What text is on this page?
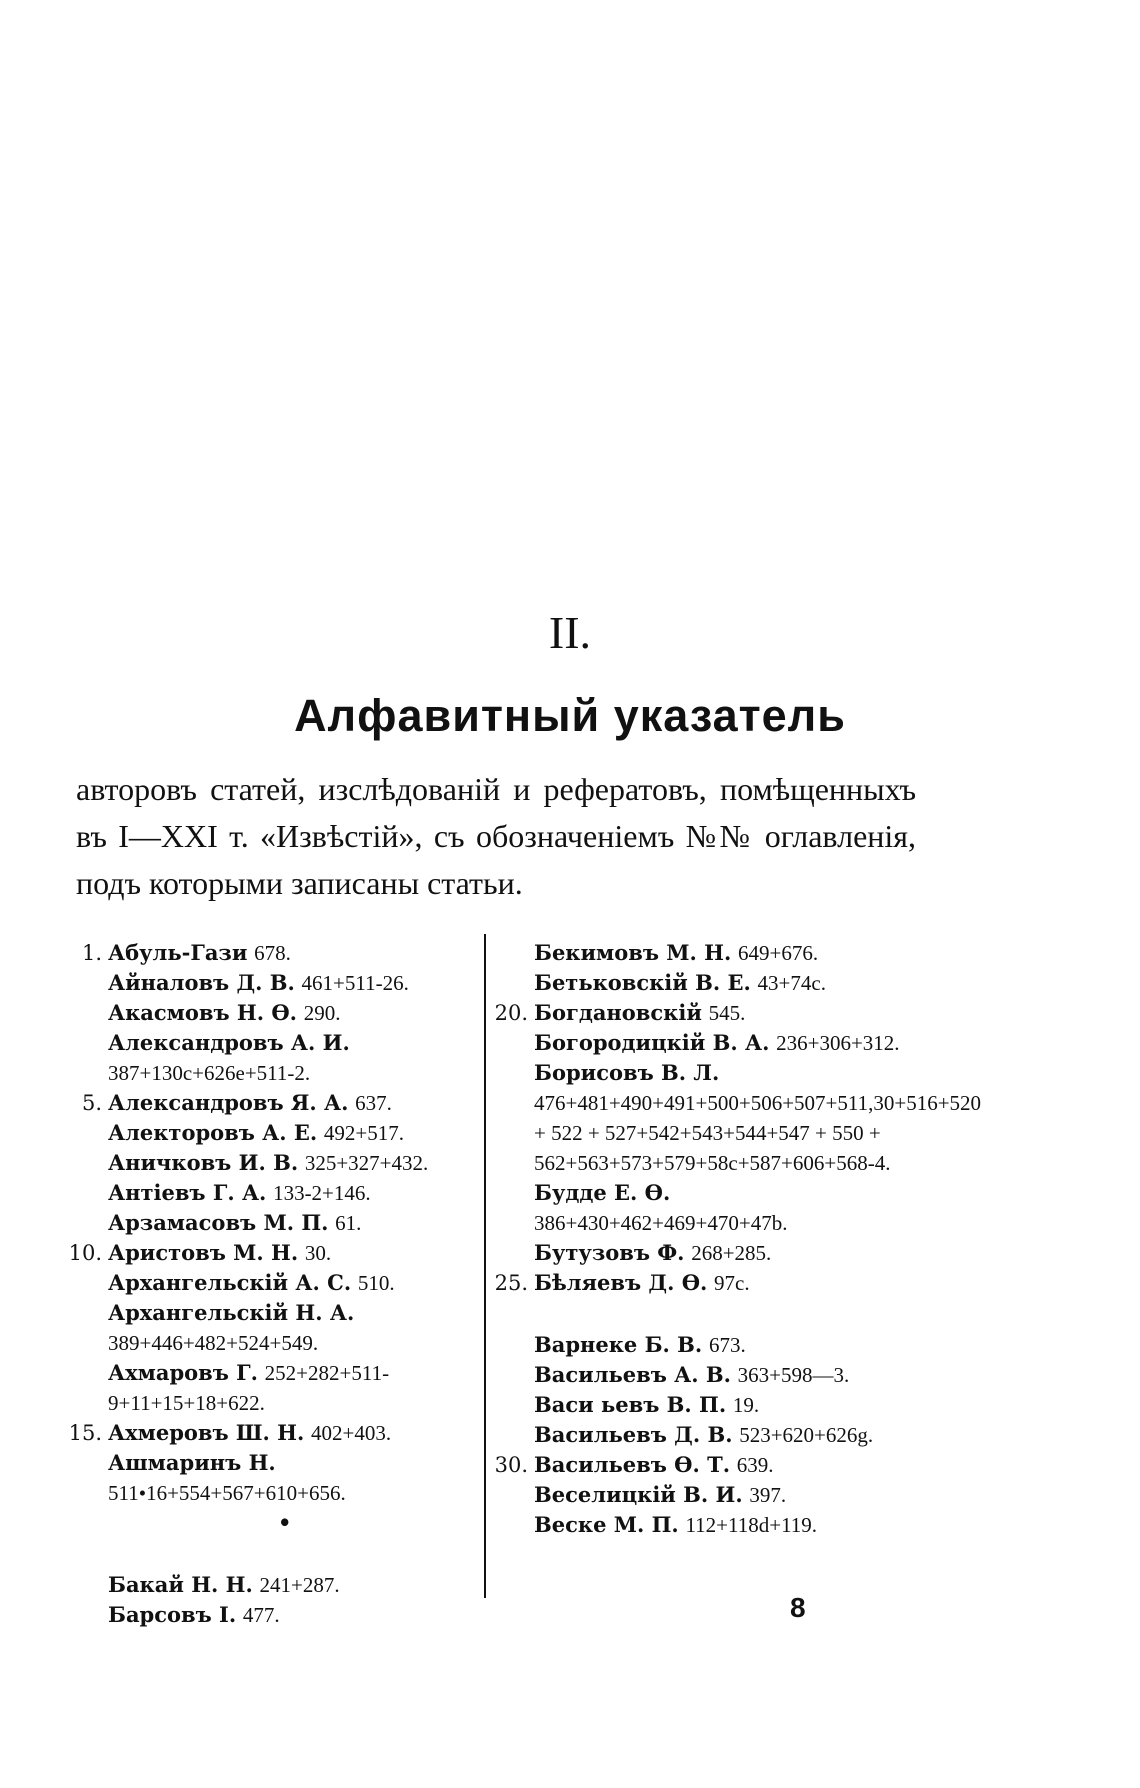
II.
Алфавитный указатель
авторовъ статей, изслѣдованій и рефератовъ, помѣщенныхъ въ I—XXI т. «Извѣстій», съ обозначеніемъ №№ оглавленія, подъ которыми записаны статьи.
1. Абуль-Гази 678.
Айналовъ Д. В. 461+511-26.
Акасмовъ Н. Ѳ. 290.
Александровъ А. И. 387+130с+626е+511-2.
5. Александровъ Я. А. 637.
Алекторовъ А. Е. 492+517.
Аничковъ И. В. 325+327+432.
Антіевъ Г. А. 133-2+146.
Арзамасовъ М. П. 61.
10. Аристовъ М. Н. 30.
Архангельскій А. С. 510.
Архангельскій Н. А. 389+446+482+524+549.
Ахмаровъ Г. 252+282+511-9+11+15+18+622.
15. Ахмеровъ Ш. Н. 402+403.
Ашмаринъ Н. 511•16+554+567+610+656.
•
Бакай Н. Н. 241+287.
Барсовъ І. 477.
Бекимовъ М. Н. 649+676.
Бетьковскій В. Е. 43+74с.
20. Богдановскій 545.
Богородицкій В. А. 236+306+312.
Борисовъ В. Л. 476+481+490+491+500+506+507+511,30+516+520 + 522 + 527+542+543+544+547 + 550 + 562+563+573+579+58с+587+606+568-4.
Будде Е. Ѳ. 386+430+462+469+470+47b.
Бутузовъ Ф. 268+285.
25. Бѣляевъ Д. Ѳ. 97с.
Варнеке Б. В. 673.
Васильевъ А. В. 363+598—3.
Васи ьевъ В. П. 19.
Васильевъ Д. В. 523+620+626g.
30. Васильевъ Ѳ. Т. 639.
Веселицкій В. И. 397.
Веске М. П. 112+118d+119.
8
